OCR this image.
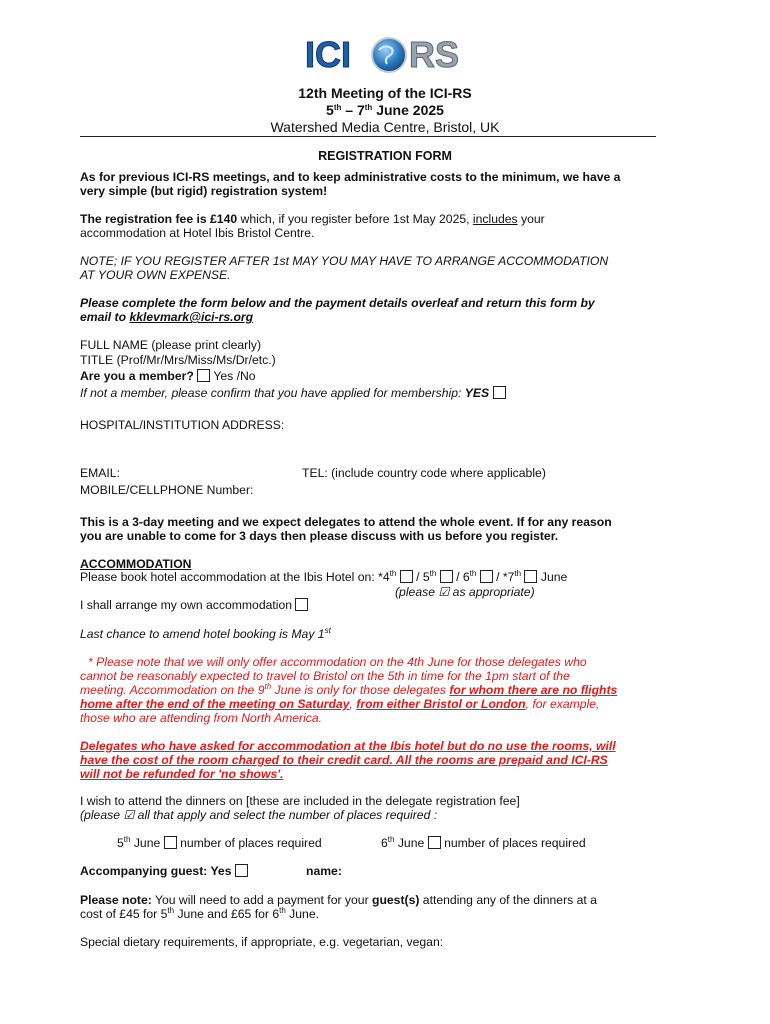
ICI RS
12th Meeting of the ICI-RS
5th – 7th June 2025
Watershed Media Centre, Bristol, UK
REGISTRATION FORM
As for previous ICI-RS meetings, and to keep administrative costs to the minimum, we have a
very simple (but rigid) registration system!
The registration fee is £140 which, if you register before 1st May 2025, includes your
accommodation at Hotel Ibis Bristol Centre.
NOTE; IF YOU REGISTER AFTER 1st MAY YOU MAY HAVE TO ARRANGE ACCOMMODATION
AT YOUR OWN EXPENSE.
Please complete the form below and the payment details overleaf and return this form by
email to kklevmark@ici-rs.org
FULL NAME (please print clearly)
TITLE (Prof/Mr/Mrs/Miss/Ms/Dr/etc.)
Are you a member?  Yes /No
If not a member, please confirm that you have applied for membership: YES
HOSPITAL/INSTITUTION ADDRESS:
EMAIL:	TEL: (include country code where applicable)
MOBILE/CELLPHONE Number:
This is a 3-day meeting and we expect delegates to attend the whole event. If for any reason
you are unable to come for 3 days then please discuss with us before you register.
ACCOMMODATION
Please book hotel accommodation at the Ibis Hotel on: *4th / 5th / 6th / *7th June
(please ☑ as appropriate)
I shall arrange my own accommodation
Last chance to amend hotel booking is May 1st
* Please note that we will only offer accommodation on the 4th June for those delegates who
cannot be reasonably expected to travel to Bristol on the 5th in time for the 1pm start of the
meeting. Accommodation on the 9th June is only for those delegates for whom there are no flights
home after the end of the meeting on Saturday, from either Bristol or London, for example,
those who are attending from North America.
Delegates who have asked for accommodation at the Ibis hotel but do no use the rooms, will
have the cost of the room charged to their credit card. All the rooms are prepaid and ICI-RS
will not be refunded for 'no shows'.
I wish to attend the dinners on [these are included in the delegate registration fee]
(please ☑ all that apply and select the number of places required :
5th June number of places required	6th June number of places required
Accompanying guest: Yes	name:
Please note: You will need to add a payment for your guest(s) attending any of the dinners at a
cost of £45 for 5th June and £65 for 6th June.
Special dietary requirements, if appropriate, e.g. vegetarian, vegan:
